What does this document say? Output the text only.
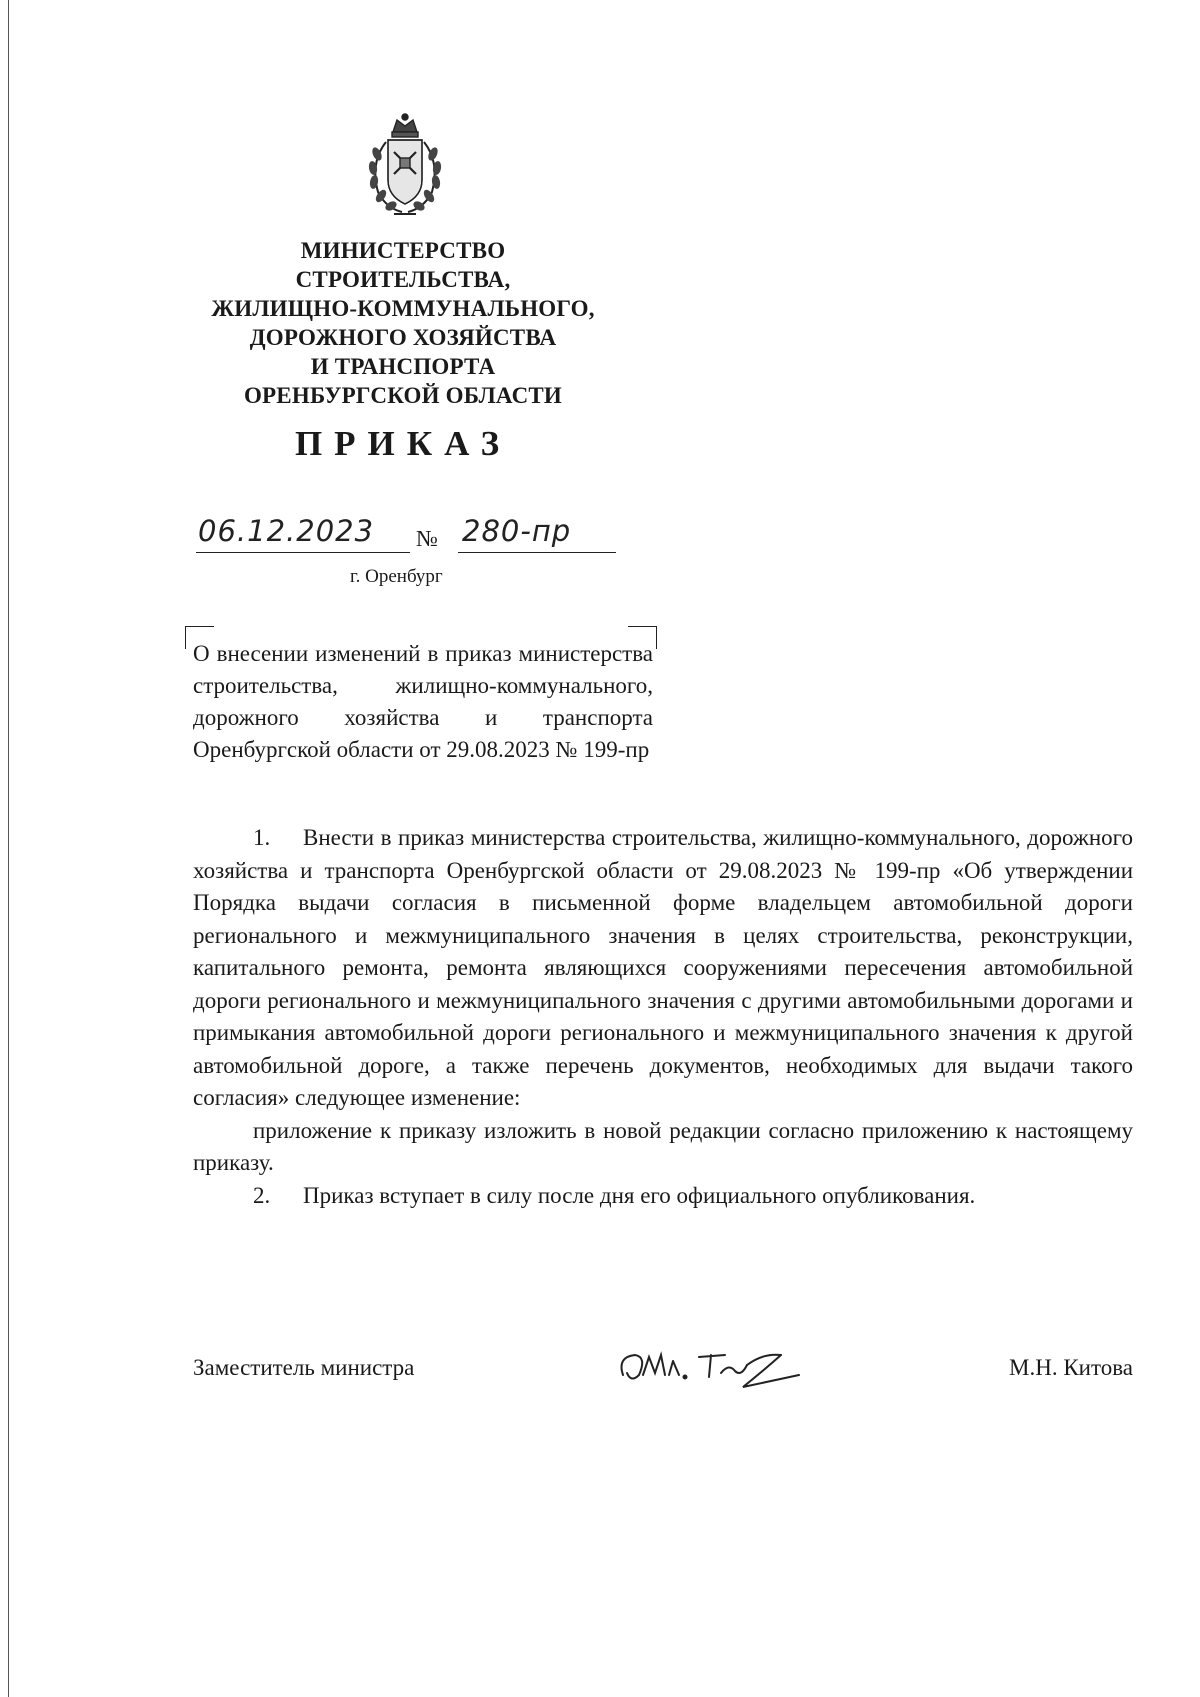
МИНИСТЕРСТВО
СТРОИТЕЛЬСТВА,
ЖИЛИЩНО-КОММУНАЛЬНОГО,
ДОРОЖНОГО ХОЗЯЙСТВА
И ТРАНСПОРТА
ОРЕНБУРГСКОЙ ОБЛАСТИ
ПРИКАЗ
06.12.2023 № 280-пр
г. Оренбург
О внесении изменений в приказ министерства строительства, жилищно-коммунального, дорожного хозяйства и транспорта Оренбургской области от 29.08.2023 № 199-пр

1. Внести в приказ министерства строительства, жилищно-коммунального, дорожного хозяйства и транспорта Оренбургской области от 29.08.2023 № 199-пр «Об утверждении Порядка выдачи согласия в письменной форме владельцем автомобильной дороги регионального и межмуниципального значения в целях строительства, реконструкции, капитального ремонта, ремонта являющихся сооружениями пересечения автомобильной дороги регионального и межмуниципального значения с другими автомобильными дорогами и примыкания автомобильной дороги регионального и межмуниципального значения к другой автомобильной дороге, а также перечень документов, необходимых для выдачи такого согласия» следующее изменение:

приложение к приказу изложить в новой редакции согласно приложению к настоящему приказу.

2. Приказ вступает в силу после дня его официального опубликования.

Заместитель министра	М.Н. Китова
